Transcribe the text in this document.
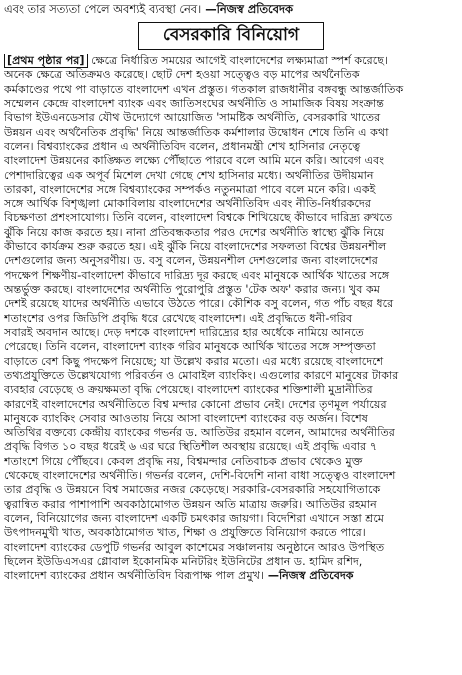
এবং তার সত্যতা পেলে অবশ্যই ব্যবস্থা নেব। —নিজস্ব প্রতিবেদক
বেসরকারি বিনিয়োগ
[প্রথম পৃষ্ঠার পর] ক্ষেত্রে নির্ধারিত সময়ের আগেই বাংলাদেশের লক্ষ্যমাত্রা স্পর্শ করেছে।
অনেক ক্ষেত্রে অতিক্রমও করেছে। ছোট দেশ হওয়া সত্ত্বেও বড় মাপের অর্থনৈতিক
কর্মকাণ্ডের পথে পা বাড়াতে বাংলাদেশ এখন প্রস্তুত। গতকাল রাজধানীর বঙ্গবন্ধু আন্তর্জাতিক
সম্মেলন কেন্দ্রে বাংলাদেশ ব্যাংক এবং জাতিসংঘের অর্থনীতি ও সামাজিক বিষয় সংক্রান্ত
বিভাগ ইউএনডেসার যৌথ উদ্যোগে আয়োজিত 'সামষ্টিক অর্থনীতি, বেসরকারি খাতের
উন্নয়ন এবং অর্থনৈতিক প্রবৃদ্ধি' নিয়ে আন্তর্জাতিক কর্মশালার উদ্বোধন শেষে তিনি এ কথা
বলেন। বিশ্বব্যাংকের প্রধান এ অর্থনীতিবিদ বলেন, প্রধানমন্ত্রী শেখ হাসিনার নেতৃত্বে
বাংলাদেশ উন্নয়নের কাঙ্ক্ষিত লক্ষ্যে পৌঁছাতে পারবে বলে আমি মনে করি। আবেগ এবং
পেশাদারিত্বের এক অপূর্ব মিশেল দেখা গেছে শেখ হাসিনার মধ্যে। অর্থনীতির উদীয়মান
তারকা, বাংলাদেশের সঙ্গে বিশ্বব্যাংকের সম্পর্কও নতুনমাত্রা পাবে বলে মনে করি। একই
সঙ্গে আর্থিক বিশৃঙ্খলা মোকাবিলায় বাংলাদেশের অর্থনীতিবিদ এবং নীতি-নির্ধারকদের
বিচক্ষণতা প্রশংসাযোগ্য। তিনি বলেন, বাংলাদেশ বিশ্বকে শিখিয়েছে কীভাবে দারিদ্র্য রুখতে
ঝুঁকি নিয়ে কাজ করতে হয়। নানা প্রতিবন্ধকতার পরও দেশের অর্থনীতি স্বাস্থ্যে ঝুঁকি নিয়ে
কীভাবে কার্যক্রম শুরু করতে হয়। এই ঝুঁকি নিয়ে বাংলাদেশের সফলতা বিশ্বের উন্নয়নশীল
দেশগুলোর জন্য অনুসরণীয়। ড. বসু বলেন, উন্নয়নশীল দেশগুলোর জন্য বাংলাদেশের
পদক্ষেপ শিক্ষণীয়-বাংলাদেশ কীভাবে দারিদ্র্য দূর করছে এবং মানুষকে আর্থিক খাতের সঙ্গে
অন্তর্ভুক্ত করছে। বাংলাদেশের অর্থনীতি পুরোপুরি প্রস্তুত 'টেক অফ' করার জন্য। খুব কম
দেশই রয়েছে যাদের অর্থনীতি এভাবে উঠতে পারে। কৌশিক বসু বলেন, গত পাঁচ বছর ধরে
শতাংশের ওপর জিডিপি প্রবৃদ্ধি ধরে রেখেছে বাংলাদেশ। এই প্রবৃদ্ধিতে ধনী-গরিব
সবারই অবদান আছে। দেড় দশকে বাংলাদেশ দারিদ্র্যের হার অর্ধেকে নামিয়ে আনতে
পেরেছে। তিনি বলেন, বাংলাদেশ ব্যাংক গরিব মানুষকে আর্থিক খাতের সঙ্গে সম্পৃক্ততা
বাড়াতে বেশ কিছু পদক্ষেপ নিয়েছে; যা উল্লেখ করার মতো। এর মধ্যে রয়েছে বাংলাদেশে
তথ্যপ্রযুক্তিতে উল্লেখযোগ্য পরিবর্তন ও মোবাইল ব্যাংকিং। এগুলোর কারণে মানুষের টাকার
ব্যবহার বেড়েছে ও ক্রয়ক্ষমতা বৃদ্ধি পেয়েছে। বাংলাদেশ ব্যাংকের শক্তিশালী মুদ্রানীতির
কারণেই বাংলাদেশের অর্থনীতিতে বিশ্ব মন্দার কোনো প্রভাব নেই। দেশের তৃণমূল পর্যায়ের
মানুষকে ব্যাংকিং সেবার আওতায় নিয়ে আসা বাংলাদেশ ব্যাংকের বড় অর্জন। বিশেষ
অতিথির বক্তব্যে কেন্দ্রীয় ব্যাংকের গভর্নর ড. আতিউর রহমান বলেন, আমাদের অর্থনীতির
প্রবৃদ্ধি বিগত ১০ বছর ধরেই ৬ এর ঘরে স্থিতিশীল অবস্থায় রয়েছে। এই প্রবৃদ্ধি এবার ৭
শতাংশে গিয়ে পৌঁছবে। কেবল প্রবৃদ্ধি নয়, বিশ্বমন্দার নেতিবাচক প্রভাব থেকেও মুক্ত
থেকেছে বাংলাদেশের অর্থনীতি। গভর্নর বলেন, দেশি-বিদেশি নানা বাধা সত্ত্বেও বাংলাদেশ
তার প্রবৃদ্ধি ও উন্নয়নে বিশ্ব সমাজের নজর কেড়েছে। সরকারি-বেসরকারি সহযোগিতাকে
ত্বরান্বিত করার পাশাপাশি অবকাঠামোগত উন্নয়ন অতি মাত্রায় জরুরি। আতিউর রহমান
বলেন, বিনিয়োগের জন্য বাংলাদেশ একটি চমৎকার জায়গা। বিদেশিরা এখানে সস্তা শ্রমে
উৎপাদনমুখী খাত, অবকাঠামোগত খাত, শিক্ষা ও প্রযুক্তিতে বিনিয়োগ করতে পারে।
বাংলাদেশ ব্যাংকের ডেপুটি গভর্নর আবুল কাশেমের সঞ্চালনায় অনুষ্ঠানে আরও উপস্থিত
ছিলেন ইউডিএসএর গ্লোবাল ইকোনমিক মনিটরিং ইউনিটের প্রধান ড. হামিদ রশিদ,
বাংলাদেশ ব্যাংকের প্রধান অর্থনীতিবিদ বিরূপাক্ষ পাল প্রমুখ। —নিজস্ব প্রতিবেদক
